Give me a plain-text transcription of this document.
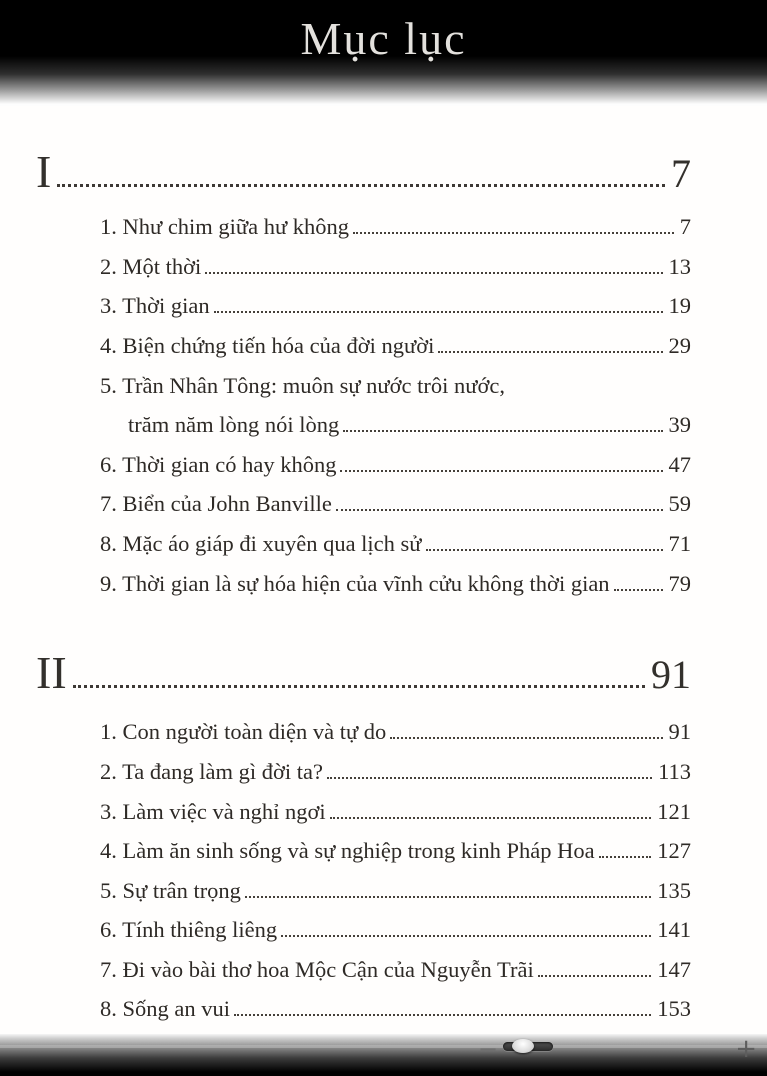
Mục lục
I	7
1. Như chim giữa hư không	7
2. Một thời	13
3. Thời gian	19
4. Biện chứng tiến hóa của đời người	29
5. Trần Nhân Tông: muôn sự nước trôi nước,
trăm năm lòng nói lòng	39
6. Thời gian có hay không	47
7. Biển của John Banville	59
8. Mặc áo giáp đi xuyên qua lịch sử	71
9. Thời gian là sự hóa hiện của vĩnh cửu không thời gian	79
II	91
1. Con người toàn diện và tự do	91
2. Ta đang làm gì đời ta?	113
3. Làm việc và nghỉ ngơi	121
4. Làm ăn sinh sống và sự nghiệp trong kinh Pháp Hoa	127
5. Sự trân trọng	135
6. Tính thiêng liêng	141
7. Đi vào bài thơ hoa Mộc Cận của Nguyễn Trãi	147
8. Sống an vui	153
−	+
